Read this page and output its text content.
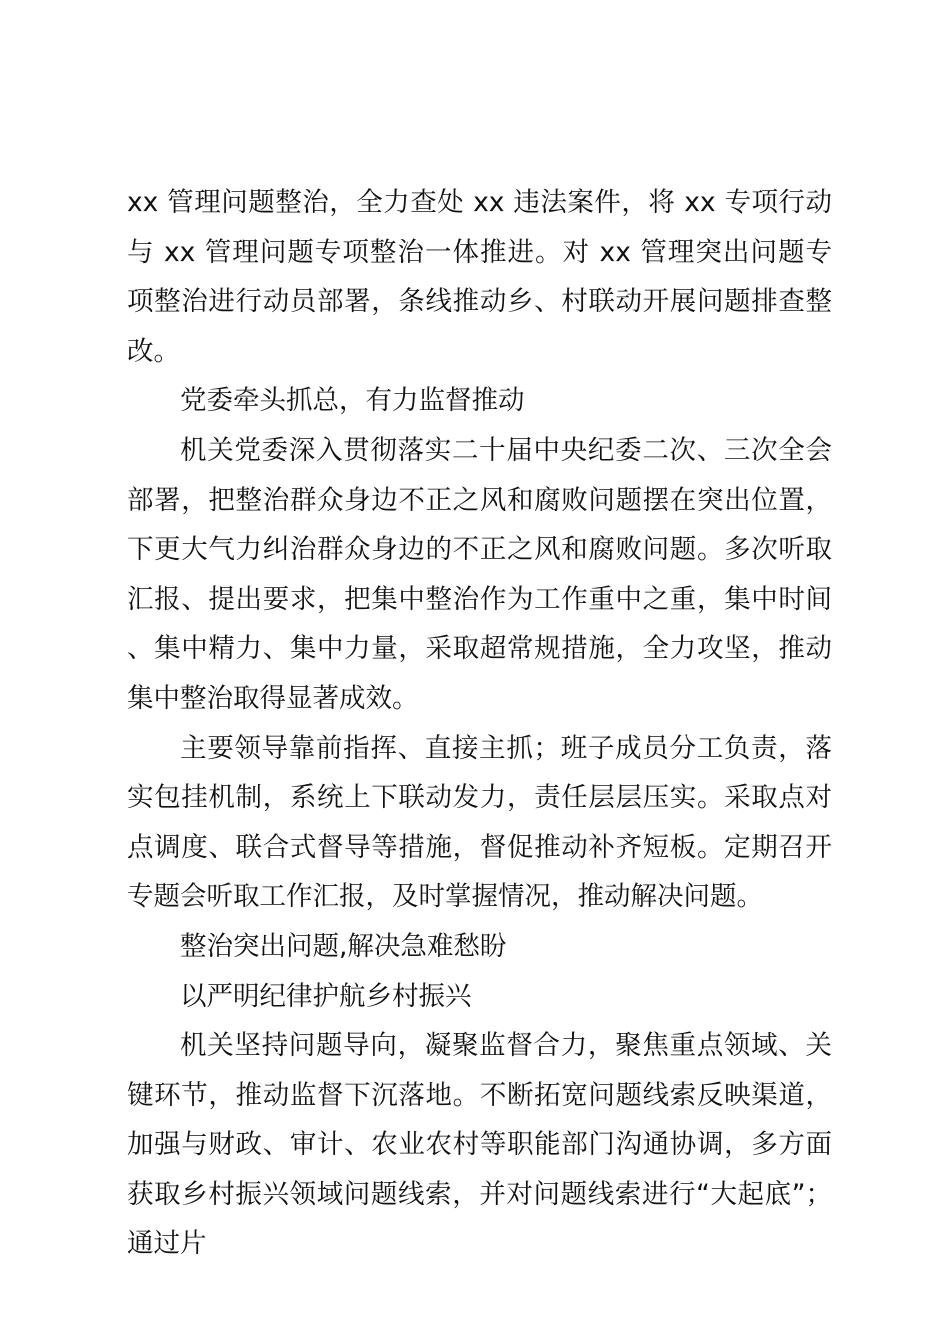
xx 管理问题整治，全力查处 xx 违法案件，将 xx 专项行动与 xx 管理问题专项整治一体推进。对 xx 管理突出问题专项整治进行动员部署，条线推动乡、村联动开展问题排查整改。

党委牵头抓总，有力监督推动

机关党委深入贯彻落实二十届中央纪委二次、三次全会部署，把整治群众身边不正之风和腐败问题摆在突出位置，下更大气力纠治群众身边的不正之风和腐败问题。多次听取汇报、提出要求，把集中整治作为工作重中之重，集中时间、集中精力、集中力量，采取超常规措施，全力攻坚，推动集中整治取得显著成效。

主要领导靠前指挥、直接主抓；班子成员分工负责，落实包挂机制，系统上下联动发力，责任层层压实。采取点对点调度、联合式督导等措施，督促推动补齐短板。定期召开专题会听取工作汇报，及时掌握情况，推动解决问题。

整治突出问题,解决急难愁盼

以严明纪律护航乡村振兴

机关坚持问题导向，凝聚监督合力，聚焦重点领域、关键环节，推动监督下沉落地。不断拓宽问题线索反映渠道，加强与财政、审计、农业农村等职能部门沟通协调，多方面获取乡村振兴领域问题线索，并对问题线索进行“大起底”；通过片
